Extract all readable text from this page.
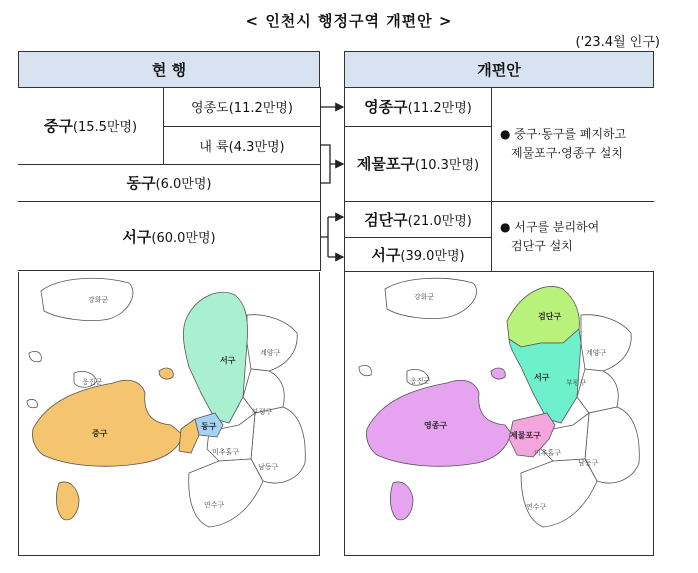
< 인천시 행정구역 개편안 >
('23.4월 인구)
현 행
중구 (15.5만명)
영종도(11.2만명)
내 륙(4.3만명)
동구 (6.0만명)
서구 (60.0만명)
개편안
영종구 (11.2만명)
제물포구 (10.3만명)
검단구 (21.0만명)
서구 (39.0만명)
● 중구·동구를 폐지하고
제물포구·영종구 설치
● 서구를 분리하여
검단구 설치
강화군
옹진군
계양구
부평구
미추홀구
남동구
연수구
서구
중구
동구
강화군
옹진군
계양구
부평구
미추홀구
남동구
연수구
검단구
서구
영종구
제물포구
